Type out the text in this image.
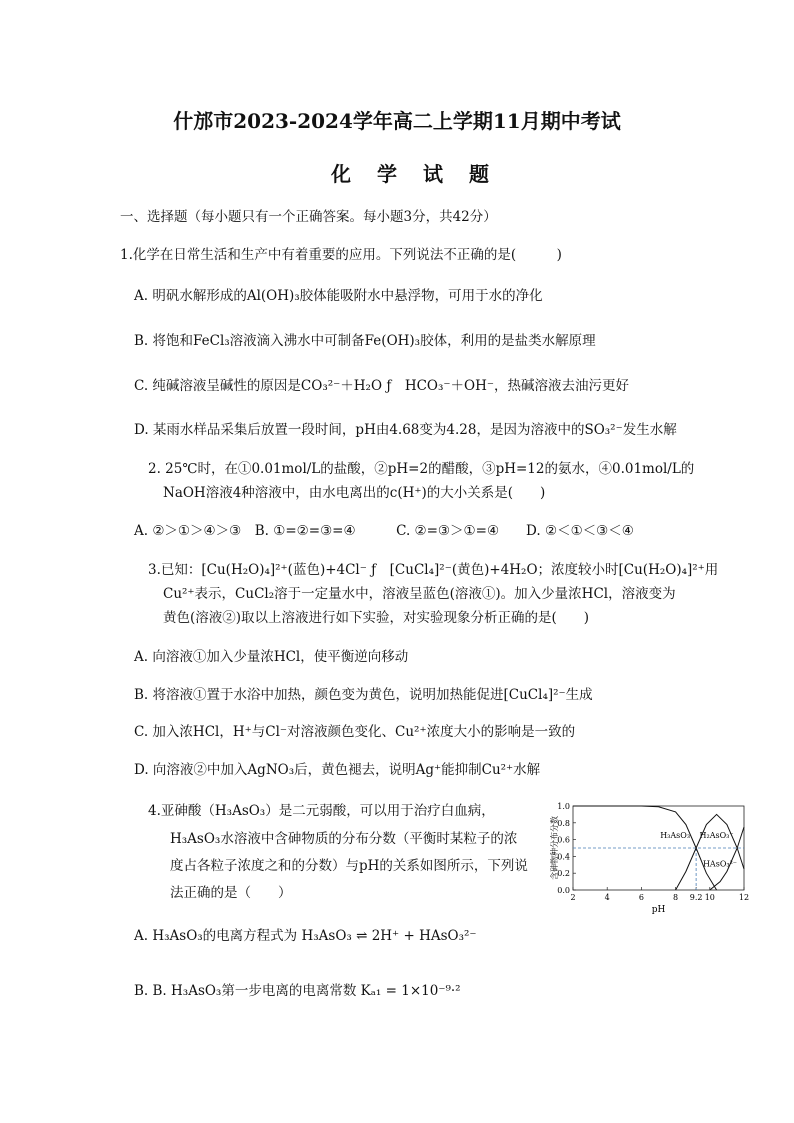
什邡市2023-2024学年高二上学期11月期中考试
化学试题
一、选择题（每小题只有一个正确答案。每小题3分，共42分）
1.化学在日常生活和生产中有着重要的应用。下列说法不正确的是(　　　)
A. 明矾水解形成的Al(OH)₃胶体能吸附水中悬浮物，可用于水的净化
B. 将饱和FeCl₃溶液滴入沸水中可制备Fe(OH)₃胶体，利用的是盐类水解原理
C. 纯碱溶液呈碱性的原因是CO₃²⁻＋H₂O ƒ　HCO₃⁻＋OH⁻，热碱溶液去油污更好
D. 某雨水样品采集后放置一段时间，pH由4.68变为4.28，是因为溶液中的SO₃²⁻发生水解
2. 25℃时，在①0.01mol/L的盐酸，②pH=2的醋酸，③pH=12的氨水，④0.01mol/L的
NaOH溶液4种溶液中，由水电离出的c(H⁺)的大小关系是(　　)
A. ②＞①＞④＞③　B. ①=②=③=④　　　C. ②=③＞①=④　　D. ②＜①＜③＜④
3.已知：[Cu(H₂O)₄]²⁺(蓝色)+4Cl⁻ ƒ　[CuCl₄]²⁻(黄色)+4H₂O；浓度较小时[Cu(H₂O)₄]²⁺用
Cu²⁺表示，CuCl₂溶于一定量水中，溶液呈蓝色(溶液①)。加入少量浓HCl，溶液变为
黄色(溶液②)取以上溶液进行如下实验，对实验现象分析正确的是(　　)
A. 向溶液①加入少量浓HCl，使平衡逆向移动
B. 将溶液①置于水浴中加热，颜色变为黄色，说明加热能促进[CuCl₄]²⁻生成
C. 加入浓HCl，H⁺与Cl⁻对溶液颜色变化、Cu²⁺浓度大小的影响是一致的
D. 向溶液②中加入AgNO₃后，黄色褪去，说明Ag⁺能抑制Cu²⁺水解
4.亚砷酸（H₃AsO₃）是二元弱酸，可以用于治疗白血病，
H₃AsO₃水溶液中含砷物质的分布分数（平衡时某粒子的浓
度占各粒子浓度之和的分数）与pH的关系如图所示，下列说
法正确的是（　　）
A. H₃AsO₃的电离方程式为 H₃AsO₃ ⇌ 2H⁺ + HAsO₃²⁻
B. B. H₃AsO₃第一步电离的电离常数 Kₐ₁ = 1×10⁻⁹·²
0.0
0.2
0.4
0.6
0.8
1.0
2	4	6	8 9.2 10	12
pH
含砷物种分布分数	H₃AsO₃ H₂AsO₃⁻
HAsO₃²⁻
